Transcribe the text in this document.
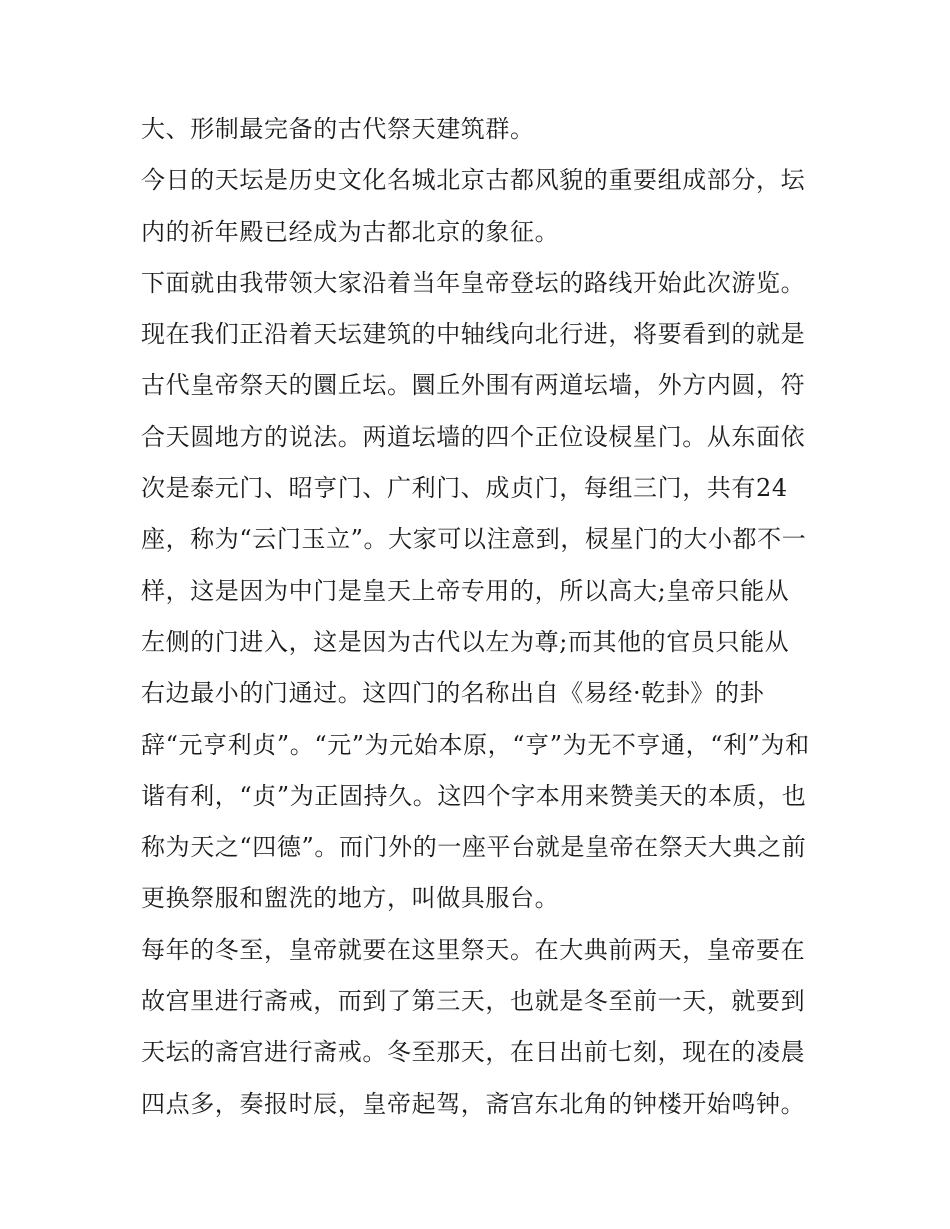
大、形制最完备的古代祭天建筑群。
今日的天坛是历史文化名城北京古都风貌的重要组成部分，坛
内的祈年殿已经成为古都北京的象征。
下面就由我带领大家沿着当年皇帝登坛的路线开始此次游览。
现在我们正沿着天坛建筑的中轴线向北行进，将要看到的就是
古代皇帝祭天的圜丘坛。圜丘外围有两道坛墙，外方内圆，符
合天圆地方的说法。两道坛墙的四个正位设棂星门。从东面依
次是泰元门、昭亨门、广利门、成贞门，每组三门，共有24
座，称为“云门玉立”。大家可以注意到，棂星门的大小都不一
样，这是因为中门是皇天上帝专用的，所以高大;皇帝只能从
左侧的门进入，这是因为古代以左为尊;而其他的官员只能从
右边最小的门通过。这四门的名称出自《易经·乾卦》的卦
辞“元亨利贞”。“元”为元始本原，“亨”为无不亨通，“利”为和
谐有利，“贞”为正固持久。这四个字本用来赞美天的本质，也
称为天之“四德”。而门外的一座平台就是皇帝在祭天大典之前
更换祭服和盥洗的地方，叫做具服台。
每年的冬至，皇帝就要在这里祭天。在大典前两天，皇帝要在
故宫里进行斋戒，而到了第三天，也就是冬至前一天，就要到
天坛的斋宫进行斋戒。冬至那天，在日出前七刻，现在的凌晨
四点多，奏报时辰，皇帝起驾，斋宫东北角的钟楼开始鸣钟。
